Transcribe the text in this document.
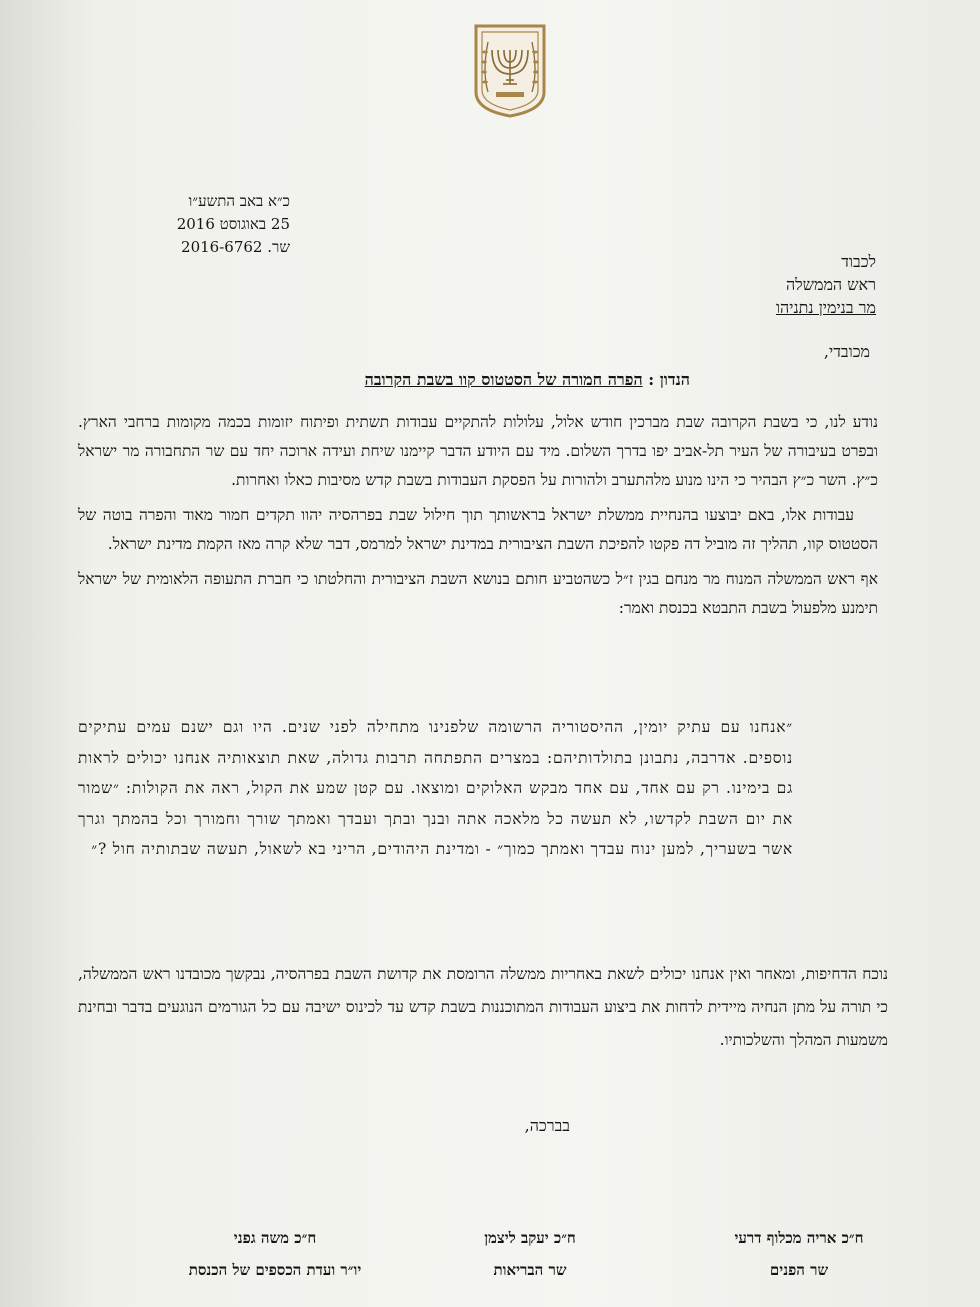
כ״א באב התשע״ו
25 באוגוסט 2016
שר. 2016-6762
לכבוד
ראש הממשלה
מר בנימין נתניהו
מכובדי,
הנדון : הפרה חמורה של הסטטוס קוו בשבת הקרובה

נודע לנו, כי בשבת הקרובה שבת מברכין חודש אלול, עלולות להתקיים עבודות תשתית ופיתוח יזומות בכמה מקומות ברחבי הארץ. ובפרט בעיבורה של העיר תל-אביב יפו בדרך השלום. מיד עם היודע הדבר קיימנו שיחת ועידה ארוכה יחד עם שר התחבורה מר ישראל כ״ץ. השר כ״ץ הבהיר כי הינו מנוע מלהתערב ולהורות על הפסקת העבודות בשבת קדש מסיבות כאלו ואחרות.

עבודות אלו, באם יבוצעו בהנחיית ממשלת ישראל בראשותך תוך חילול שבת בפרהסיה יהוו תקדים חמור מאוד והפרה בוטה של הסטטוס קוו, תהליך זה מוביל דה פקטו להפיכת השבת הציבורית במדינת ישראל למרמס, דבר שלא קרה מאז הקמת מדינת ישראל.

אף ראש הממשלה המנוח מר מנחם בגין ז״ל כשהטביע חותם בנושא השבת הציבורית והחלטתו כי חברת התעופה הלאומית של ישראל תימנע מלפעול בשבת התבטא בכנסת ואמר:

״אנחנו עם עתיק יומין, ההיסטוריה הרשומה שלפנינו מתחילה לפני שנים. היו וגם ישנם עמים עתיקים נוספים. אדרבה, נתבונן בתולדותיהם: במצרים התפתחה תרבות גדולה, שאת תוצאותיה אנחנו יכולים לראות גם בימינו. רק עם אחד, עם אחד מבקש האלוקים ומוצאו. עם קטן שמע את הקול, ראה את הקולות: ״שמור את יום השבת לקדשו, לא תעשה כל מלאכה אתה ובנך ובתך ועבדך ואמתך שורך וחמורך וכל בהמתך וגרך אשר בשעריך, למען ינוח עבדך ואמתך כמוך״ - ומדינת היהודים, הריני בא לשאול, תעשה שבתותיה חול ?״
נוכח הדחיפות, ומאחר ואין אנחנו יכולים לשאת באחריות ממשלה הרומסת את קדושת השבת בפרהסיה, נבקשך מכובדנו ראש הממשלה, כי תורה על מתן הנחיה מיידית לדחות את ביצוע העבודות המתוכננות בשבת קדש עד לכינוס ישיבה עם כל הגורמים הנוגעים בדבר ובחינת משמעות המהלך והשלכותיו.
בברכה,
ח״כ אריה מכלוף דרעי
שר הפנים
ח״כ יעקב ליצמן
שר הבריאות
ח״כ משה גפני
יו״ר ועדת הכספים של הכנסת
